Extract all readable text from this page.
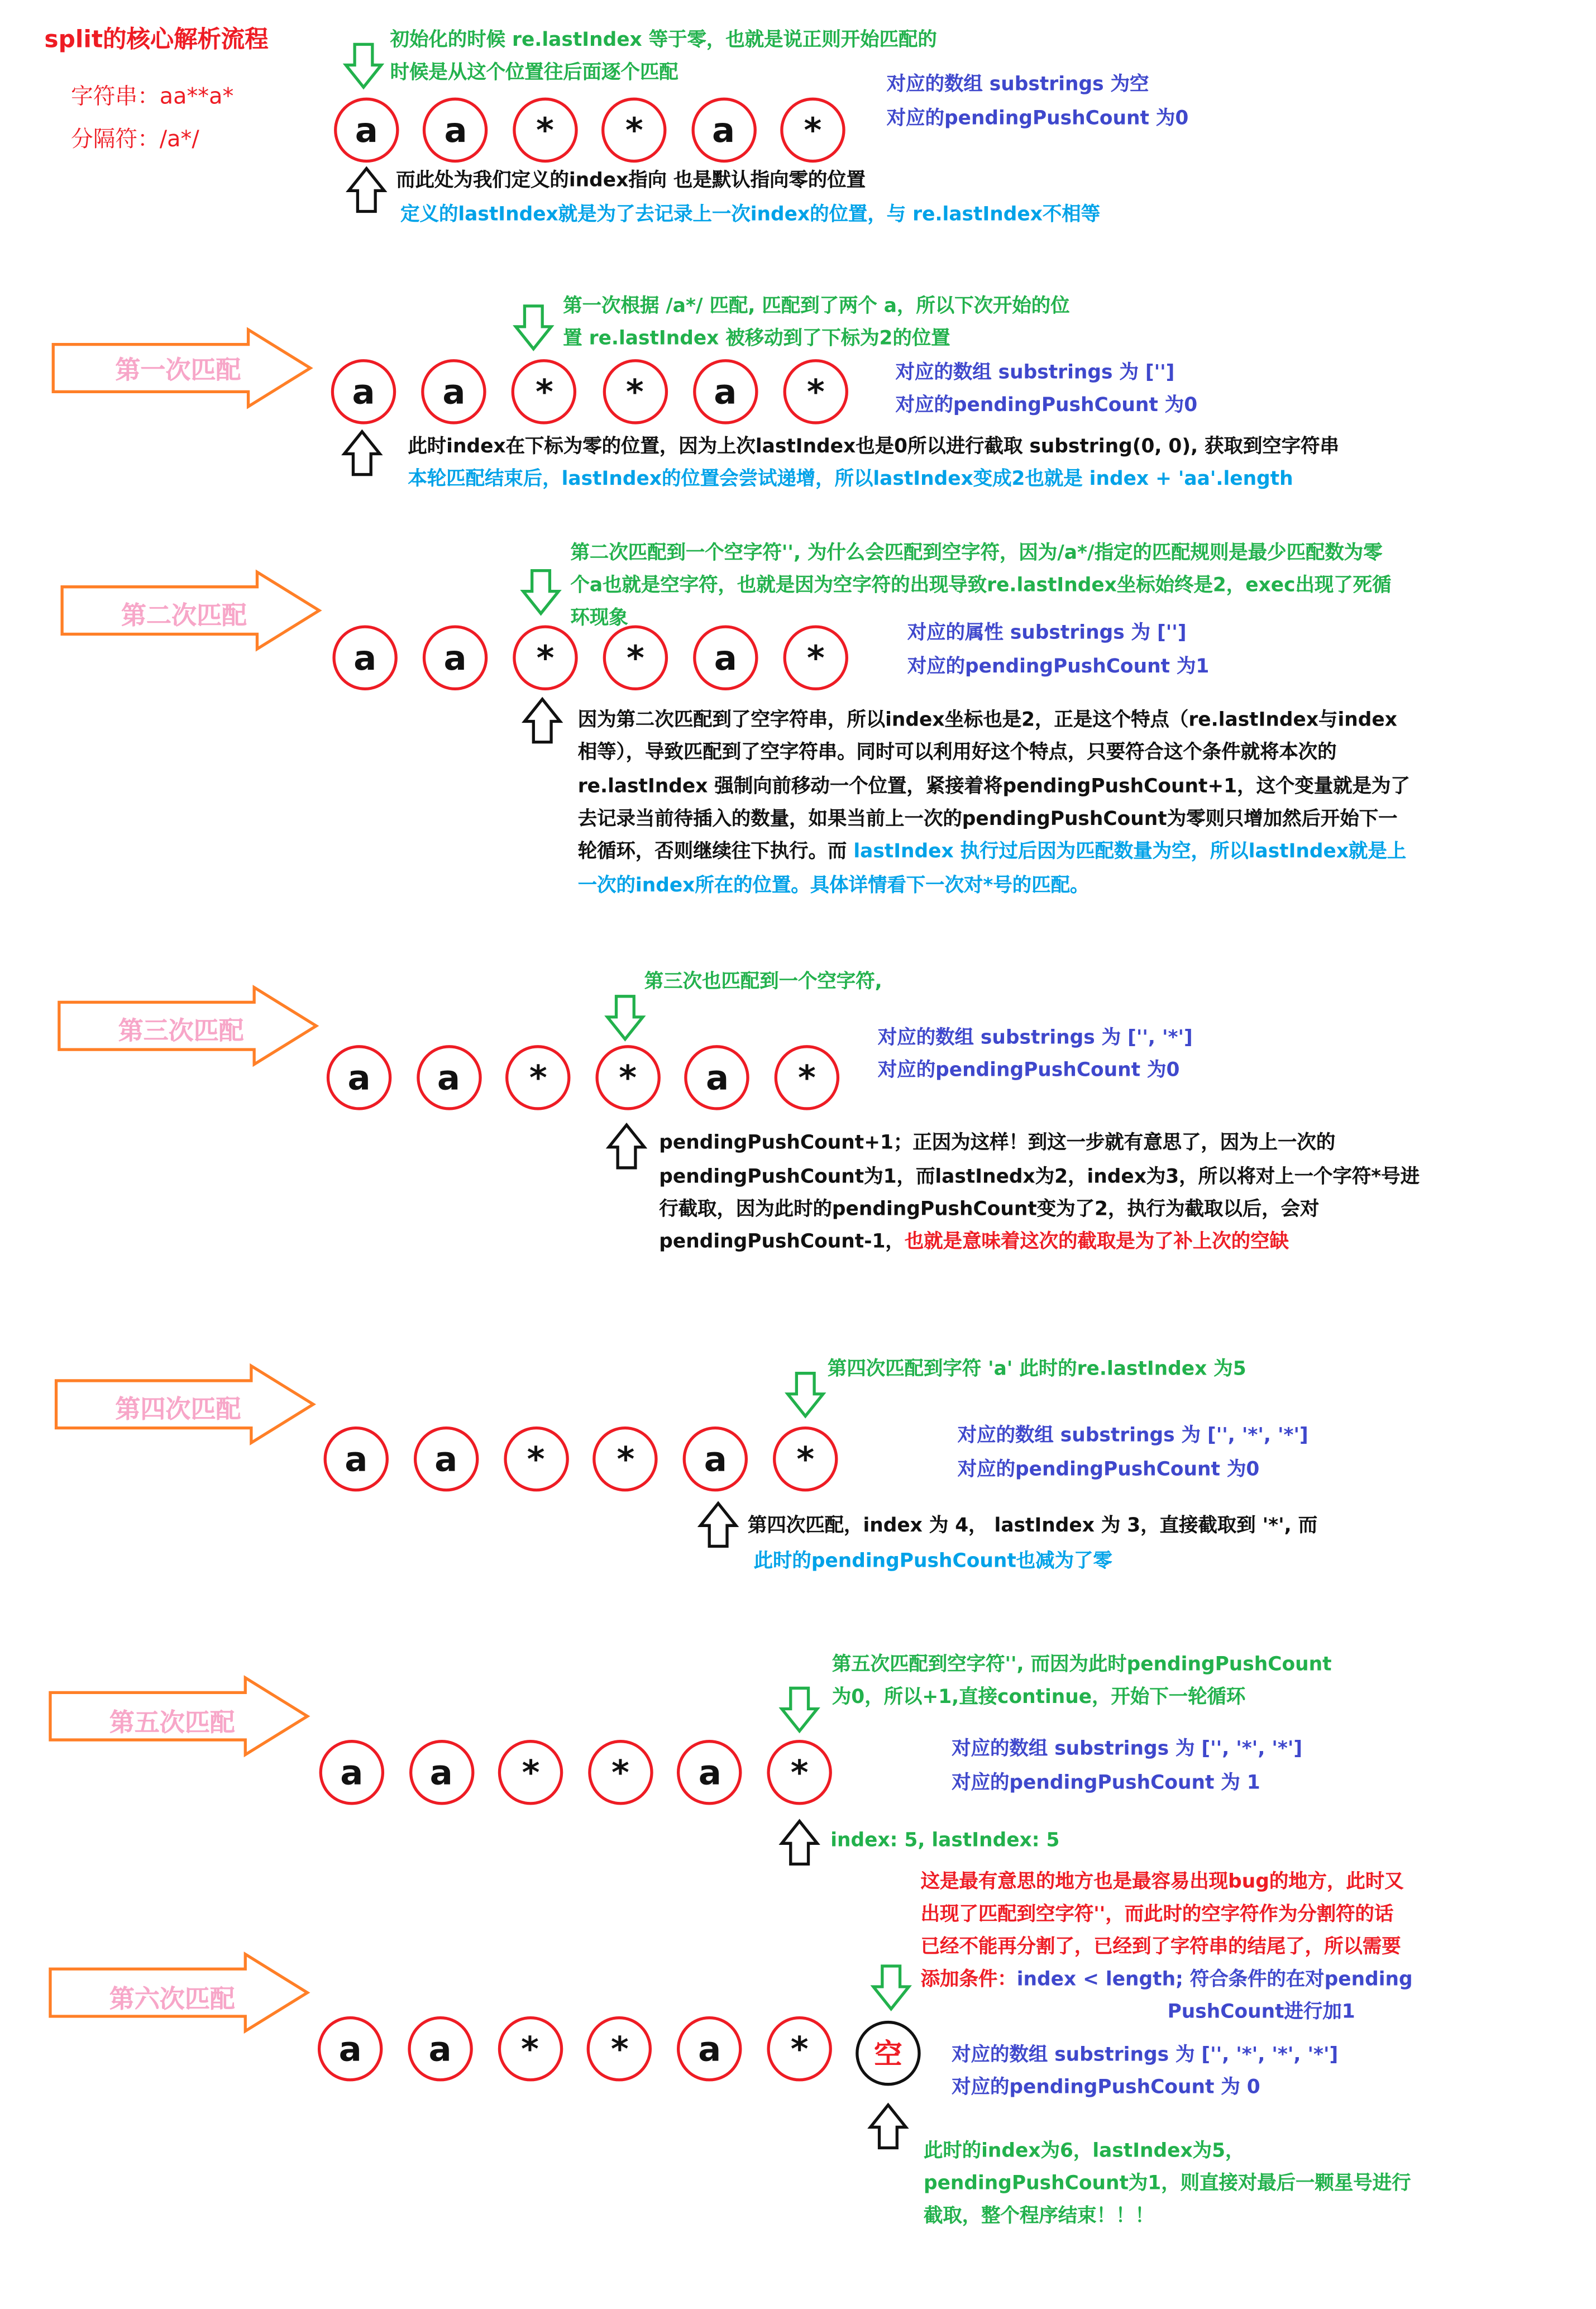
split的核心解析流程
字符串：aa**a*
分隔符：/a*/
初始化的时候 re.lastIndex 等于零，也就是说正则开始匹配的
时候是从这个位置往后面逐个匹配
对应的数组 substrings 为空
对应的pendingPushCount 为0
而此处为我们定义的index指向 也是默认指向零的位置
定义的lastIndex就是为了去记录上一次index的位置，与 re.lastIndex不相等
第一次匹配
第一次根据 /a*/ 匹配, 匹配到了两个 a，所以下次开始的位
置 re.lastIndex 被移动到了下标为2的位置
对应的数组 substrings 为 ['']
对应的pendingPushCount 为0
此时index在下标为零的位置，因为上次lastIndex也是0所以进行截取 substring(0, 0), 获取到空字符串
本轮匹配结束后，lastIndex的位置会尝试递增，所以lastIndex变成2也就是 index + 'aa'.length
第二次匹配
第二次匹配到一个空字符'', 为什么会匹配到空字符，因为/a*/指定的匹配规则是最少匹配数为零
个a也就是空字符，也就是因为空字符的出现导致re.lastIndex坐标始终是2，exec出现了死循
环现象
对应的属性 substrings 为 ['']
对应的pendingPushCount 为1
因为第二次匹配到了空字符串，所以index坐标也是2，正是这个特点（re.lastIndex与index
相等），导致匹配到了空字符串。同时可以利用好这个特点，只要符合这个条件就将本次的
re.lastIndex 强制向前移动一个位置，紧接着将pendingPushCount+1，这个变量就是为了
去记录当前待插入的数量，如果当前上一次的pendingPushCount为零则只增加然后开始下一
轮循环，否则继续往下执行。而 lastIndex 执行过后因为匹配数量为空，所以lastIndex就是上
一次的index所在的位置。具体详情看下一次对*号的匹配。
第三次匹配
第三次也匹配到一个空字符,
对应的数组 substrings 为 ['', '*']
对应的pendingPushCount 为0
pendingPushCount+1；正因为这样！到这一步就有意思了，因为上一次的
pendingPushCount为1，而lastInedx为2，index为3，所以将对上一个字符*号进
行截取，因为此时的pendingPushCount变为了2，执行为截取以后，会对
pendingPushCount-1，也就是意味着这次的截取是为了补上次的空缺
第四次匹配
第四次匹配到字符 'a' 此时的re.lastIndex 为5
对应的数组 substrings 为 ['', '*', '*']
对应的pendingPushCount 为0
第四次匹配，index 为 4， lastIndex 为 3，直接截取到 '*', 而
此时的pendingPushCount也减为了零
第五次匹配
第五次匹配到空字符'', 而因为此时pendingPushCount
为0，所以+1,直接continue，开始下一轮循环
对应的数组 substrings 为 ['', '*', '*']
对应的pendingPushCount 为 1
index: 5, lastIndex: 5
第六次匹配
这是最有意思的地方也是最容易出现bug的地方，此时又
出现了匹配到空字符''，而此时的空字符作为分割符的话
已经不能再分割了，已经到了字符串的结尾了，所以需要
添加条件：index < length; 符合条件的在对pending
PushCount进行加1
空	对应的数组 substrings 为 ['', '*', '*', '*']
对应的pendingPushCount 为 0
此时的index为6，lastIndex为5，
pendingPushCount为1，则直接对最后一颗星号进行
截取，整个程序结束！！！
a	a	*	*	a	*
a	a	*	*	a	*
a	a	*	*	a	*
a	a	*	*	a	*
a	a	*	*	a	*
a	a	*	*	a	*
a	a	*	*	a	*
